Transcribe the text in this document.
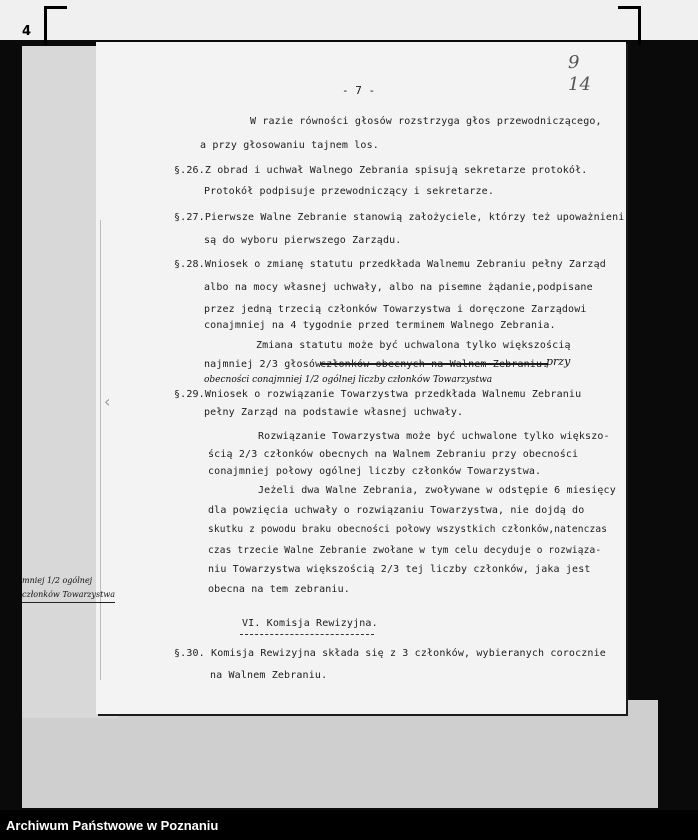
4
‹
9
14
- 7 -
W razie równości głosów rozstrzyga głos przewodniczącego,
a przy głosowaniu tajnem los.
§.26.Z obrad i uchwał Walnego Zebrania spisują sekretarze protokół.
Protokół podpisuje przewodniczący i sekretarze.
§.27.Pierwsze Walne Zebranie stanowią założyciele, którzy też upoważnieni
są do wyboru pierwszego Zarządu.
§.28.Wniosek o zmianę statutu przedkłada Walnemu Zebraniu pełny Zarząd
albo na mocy własnej uchwały, albo na pisemne żądanie,podpisane
przez jedną trzecią członków Towarzystwa i doręczone Zarządowi
conajmniej na 4 tygodnie przed terminem Walnego Zebrania.
Zmiana statutu może być uchwalona tylko większością
najmniej 2/3 głosów
członków obecnych na Walnem Zebraniu.
przy
obecności conajmniej 1/2 ogólnej liczby członków Towarzystwa
§.29.Wniosek o rozwiązanie Towarzystwa przedkłada Walnemu Zebraniu
pełny Zarząd na podstawie własnej uchwały.
Rozwiązanie Towarzystwa może być uchwalone tylko większo-
ścią 2/3 członków obecnych na Walnem Zebraniu przy obecności
conajmniej połowy ogólnej liczby członków Towarzystwa.
Jeżeli dwa Walne Zebrania, zwoływane w odstępie 6 miesięcy
dla powzięcia uchwały o rozwiązaniu Towarzystwa, nie dojdą do
skutku z powodu braku obecności połowy wszystkich członków,natenczas
czas trzecie Walne Zebranie zwołane w tym celu decyduje o rozwiąza-
niu Towarzystwa większością 2/3 tej liczby członków, jaka jest
obecna na tem zebraniu.
VI. Komisja Rewizyjna.
§.30. Komisja Rewizyjna składa się z 3 członków, wybieranych corocznie
na Walnem Zebraniu.
mniej 1/2 ogólnej
członków Towarzystwa
Archiwum Państwowe w Poznaniu
